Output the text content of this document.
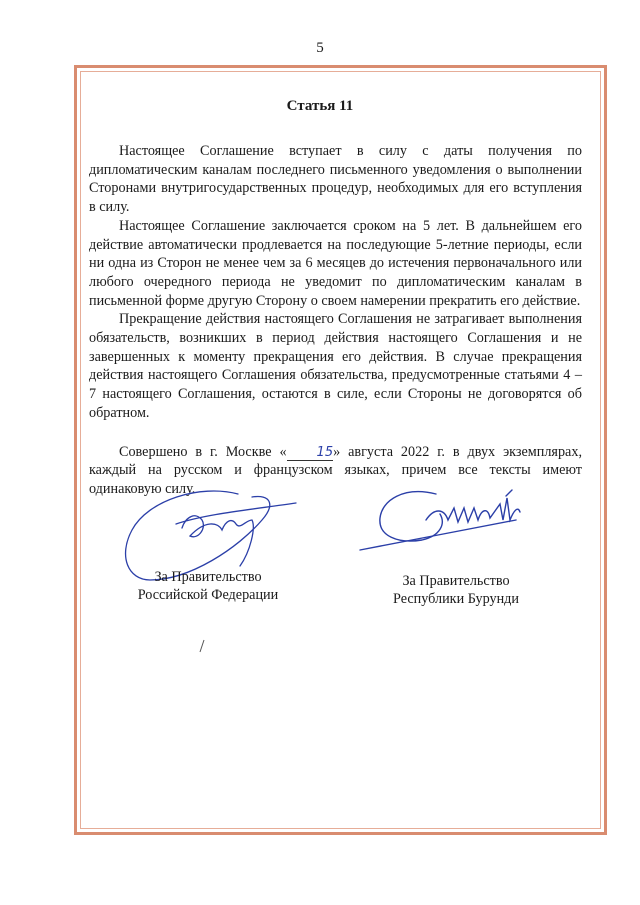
5
Статья 11

Настоящее Соглашение вступает в силу с даты получения по дипломатическим каналам последнего письменного уведомления о выполнении Сторонами внутригосударственных процедур, необходимых для его вступления в силу.

Настоящее Соглашение заключается сроком на 5 лет. В дальнейшем его действие автоматически продлевается на последующие 5-летние периоды, если ни одна из Сторон не менее чем за 6 месяцев до истечения первоначального или любого очередного периода не уведомит по дипломатическим каналам в письменной форме другую Сторону о своем намерении прекратить его действие.

Прекращение действия настоящего Соглашения не затрагивает выполнения обязательств, возникших в период действия настоящего Соглашения и не завершенных к моменту прекращения его действия. В случае прекращения действия настоящего Соглашения обязательства, предусмотренные статьями 4 – 7 настоящего Соглашения, остаются в силе, если Стороны не договорятся об обратном.

Совершено в г. Москве « 15» августа 2022 г. в двух экземплярах, каждый на русском и французском языках, причем все тексты имеют одинаковую силу.

За Правительство
Российской Федерации
За Правительство
Республики Бурунди
